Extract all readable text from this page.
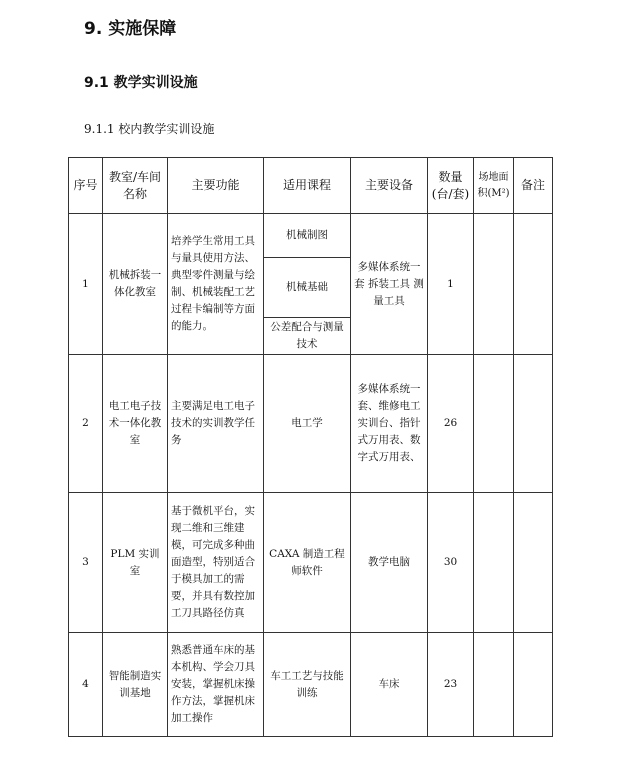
9. 实施保障
9.1 教学实训设施
9.1.1 校内教学实训设施
序号	教室/车间名称	主要功能	适用课程	主要设备	数量(台/套)	场地面积(M²)	备注
1	机械拆装一体化教室	培养学生常用工具与量具使用方法、典型零件测量与绘制、机械装配工艺过程卡编制等方面的能力。	机械制图	多媒体系统一套 拆装工具 测量工具	1		
			机械基础				
			公差配合与测量技术				
2	电工电子技术一体化教室	主要满足电工电子技术的实训教学任务	电工学	多媒体系统一套、维修电工实训台、指针式万用表、数字式万用表、	26		
3	PLM 实训室	基于微机平台，实现二维和三维建模，可完成多种曲面造型，特别适合于模具加工的需要，并具有数控加工刀具路径仿真	CAXA 制造工程师软件	教学电脑	30		
4	智能制造实训基地	熟悉普通车床的基本机构、学会刀具安装，掌握机床操作方法，掌握机床加工操作	车工工艺与技能训练	车床	23		
